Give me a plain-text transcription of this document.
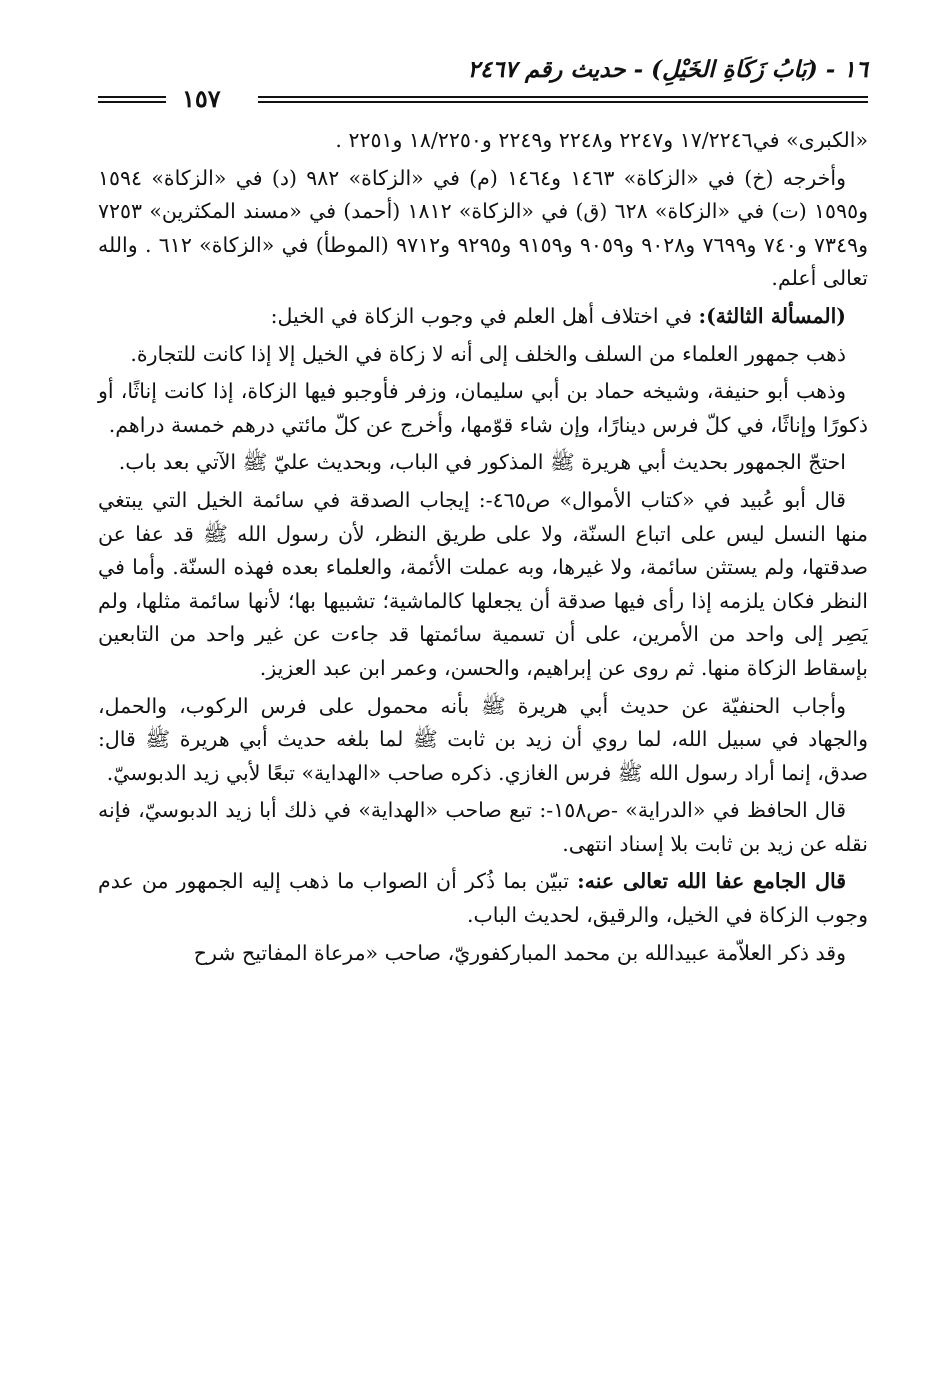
١٦ - (بَابُ زَكَاةِ الخَيْلِ) - حديث رقم ٢٤٦٧
١٥٧

«الكبرى» في١٧/٢٢٤٦ و٢٢٤٧ و٢٢٤٨ و٢٢٤٩ و١٨/٢٢٥٠ و٢٢٥١ .

وأخرجه (خ) في «الزكاة» ١٤٦٣ و١٤٦٤ (م) في «الزكاة» ٩٨٢ (د) في «الزكاة» ١٥٩٤ و١٥٩٥ (ت) في «الزكاة» ٦٢٨ (ق) في «الزكاة» ١٨١٢ (أحمد) في «مسند المكثرين» ٧٢٥٣ و٧٣٤٩ و٧٤٠ و٧٦٩٩ و٩٠٢٨ و٩٠٥٩ و٩١٥٩ و٩٢٩٥ و٩٧١٢ (الموطأ) في «الزكاة» ٦١٢ . والله تعالى أعلم.

(المسألة الثالثة): في اختلاف أهل العلم في وجوب الزكاة في الخيل:

ذهب جمهور العلماء من السلف والخلف إلى أنه لا زكاة في الخيل إلا إذا كانت للتجارة.

وذهب أبو حنيفة، وشيخه حماد بن أبي سليمان، وزفر فأوجبو فيها الزكاة، إذا كانت إناثًا، أو ذكورًا وإناثًا، في كلّ فرس دينارًا، وإن شاء قوّمها، وأخرج عن كلّ مائتي درهم خمسة دراهم.

احتجّ الجمهور بحديث أبي هريرة ﷺ المذكور في الباب، وبحديث عليّ ﷺ الآتي بعد باب.

قال أبو عُبيد في «كتاب الأموال» ص٤٦٥-: إيجاب الصدقة في سائمة الخيل التي يبتغي منها النسل ليس على اتباع السنّة، ولا على طريق النظر، لأن رسول الله ﷺ قد عفا عن صدقتها، ولم يستثن سائمة، ولا غيرها، وبه عملت الأئمة، والعلماء بعده فهذه السنّة. وأما في النظر فكان يلزمه إذا رأى فيها صدقة أن يجعلها كالماشية؛ تشبيها بها؛ لأنها سائمة مثلها، ولم يَصِر إلى واحد من الأمرين، على أن تسمية سائمتها قد جاءت عن غير واحد من التابعين بإسقاط الزكاة منها. ثم روى عن إبراهيم، والحسن، وعمر ابن عبد العزيز.

وأجاب الحنفيّة عن حديث أبي هريرة ﷺ بأنه محمول على فرس الركوب، والحمل، والجهاد في سبيل الله، لما روي أن زيد بن ثابت ﷺ لما بلغه حديث أبي هريرة ﷺ قال: صدق، إنما أراد رسول الله ﷺ فرس الغازي. ذكره صاحب «الهداية» تبعًا لأبي زيد الدبوسيّ.

قال الحافظ في «الدراية» -ص١٥٨-: تبع صاحب «الهداية» في ذلك أبا زيد الدبوسيّ، فإنه نقله عن زيد بن ثابت بلا إسناد انتهى.

قال الجامع عفا الله تعالى عنه: تبيّن بما ذُكر أن الصواب ما ذهب إليه الجمهور من عدم وجوب الزكاة في الخيل، والرقيق، لحديث الباب.

وقد ذكر العلاّمة عبيدالله بن محمد المباركفوريّ، صاحب «مرعاة المفاتيح شرح
